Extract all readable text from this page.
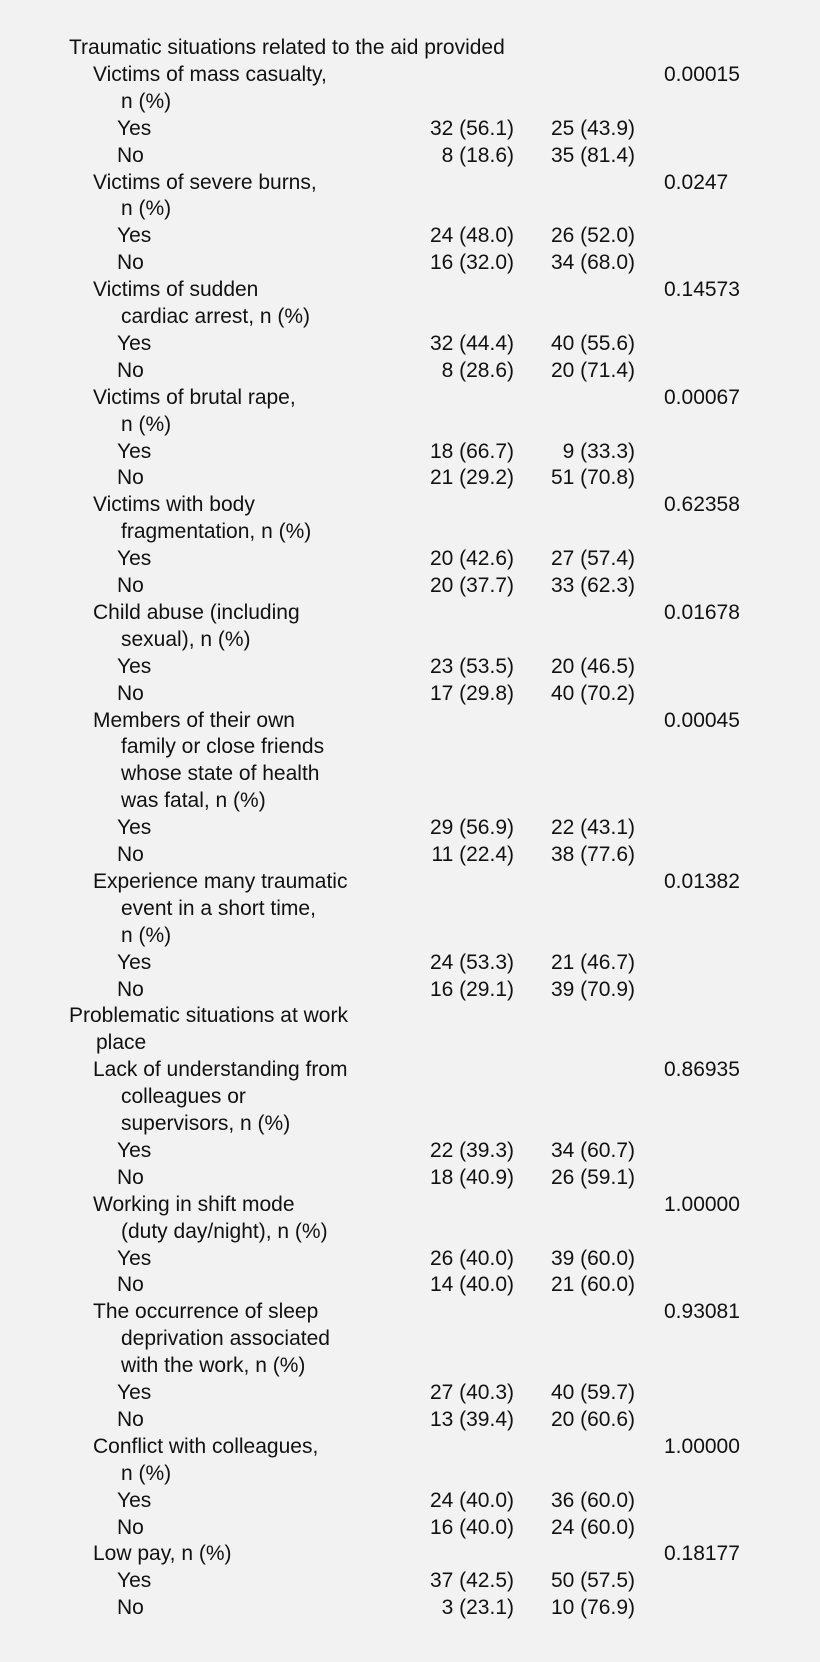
Traumatic situations related to the aid provided
Victims of mass casualty,	0.00015
n (%)
Yes	32 (56.1) 25 (43.9)
No	8 (18.6) 35 (81.4)
Victims of severe burns,	0.0247
n (%)
Yes	24 (48.0) 26 (52.0)
No	16 (32.0) 34 (68.0)
Victims of sudden	0.14573
cardiac arrest, n (%)
Yes	32 (44.4) 40 (55.6)
No	8 (28.6) 20 (71.4)
Victims of brutal rape,	0.00067
n (%)
Yes	18 (66.7) 9 (33.3)
No	21 (29.2) 51 (70.8)
Victims with body	0.62358
fragmentation, n (%)
Yes	20 (42.6) 27 (57.4)
No	20 (37.7) 33 (62.3)
Child abuse (including	0.01678
sexual), n (%)
Yes	23 (53.5) 20 (46.5)
No	17 (29.8) 40 (70.2)
Members of their own	0.00045
family or close friends
whose state of health
was fatal, n (%)
Yes	29 (56.9) 22 (43.1)
No	11 (22.4) 38 (77.6)
Experience many traumatic	0.01382
event in a short time,
n (%)
Yes	24 (53.3) 21 (46.7)
No	16 (29.1) 39 (70.9)
Problematic situations at work
place
Lack of understanding from	0.86935
colleagues or
supervisors, n (%)
Yes	22 (39.3) 34 (60.7)
No	18 (40.9) 26 (59.1)
Working in shift mode	1.00000
(duty day/night), n (%)
Yes	26 (40.0) 39 (60.0)
No	14 (40.0) 21 (60.0)
The occurrence of sleep	0.93081
deprivation associated
with the work, n (%)
Yes	27 (40.3) 40 (59.7)
No	13 (39.4) 20 (60.6)
Conflict with colleagues,	1.00000
n (%)
Yes	24 (40.0) 36 (60.0)
No	16 (40.0) 24 (60.0)
Low pay, n (%)	0.18177
Yes	37 (42.5) 50 (57.5)
No	3 (23.1) 10 (76.9)
